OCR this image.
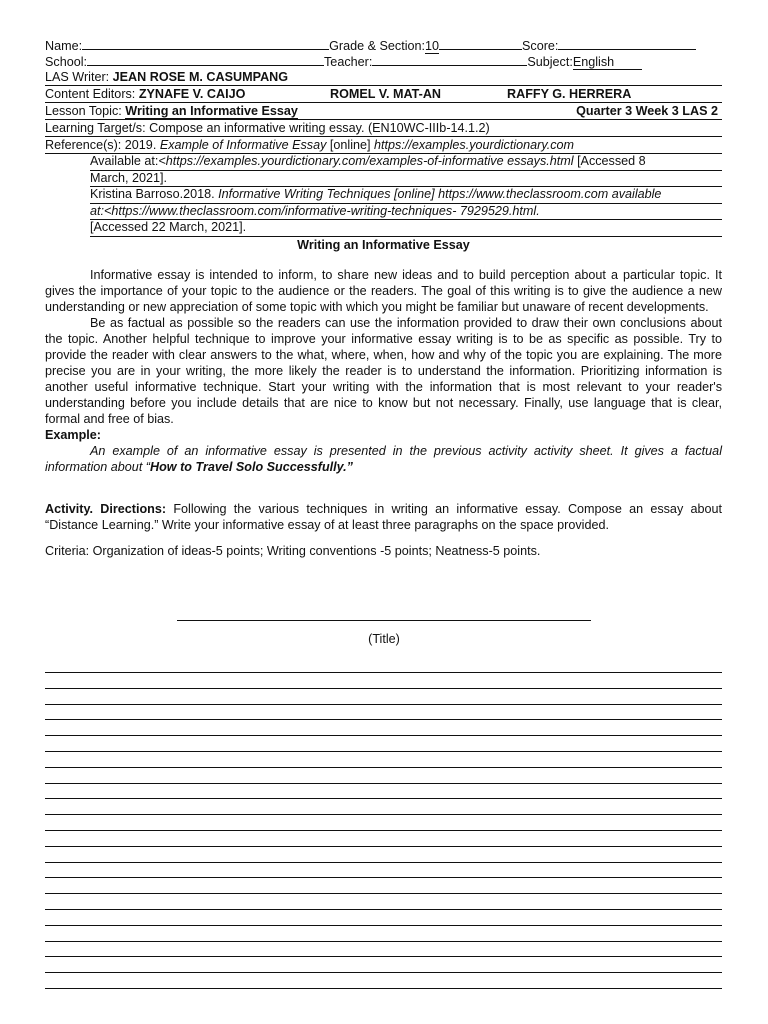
Name:	Grade & Section:10	Score:
School:	Teacher:	Subject:English
LAS Writer: JEAN ROSE M. CASUMPANG
Content Editors: ZYNAFE V. CAIJO	ROMEL V. MAT-AN	RAFFY G. HERRERA
Lesson Topic: Writing an Informative Essay	Quarter 3 Week 3 LAS 2
Learning Target/s: Compose an informative writing essay. (EN10WC-IIIb-14.1.2)
Reference(s): 2019. Example of Informative Essay [online] https://examples.yourdictionary.com
Available at:<https://examples.yourdictionary.com/examples-of-informative essays.html [Accessed 8
March, 2021].
Kristina Barroso.2018. Informative Writing Techniques [online] https://www.theclassroom.com available
at:<https://www.theclassroom.com/informative-writing-techniques- 7929529.html.
[Accessed 22 March, 2021].
Writing an Informative Essay
Informative essay is intended to inform, to share new ideas and to build perception about a particular topic. It gives the importance of your topic to the audience or the readers. The goal of this writing is to give the audience a new understanding or new appreciation of some topic with which you might be familiar but unaware of recent developments.
Be as factual as possible so the readers can use the information provided to draw their own conclusions about the topic. Another helpful technique to improve your informative essay writing is to be as specific as possible. Try to provide the reader with clear answers to the what, where, when, how and why of the topic you are explaining. The more precise you are in your writing, the more likely the reader is to understand the information. Prioritizing information is another useful informative technique. Start your writing with the information that is most relevant to your reader's understanding before you include details that are nice to know but not necessary. Finally, use language that is clear, formal and free of bias.
Example:
An example of an informative essay is presented in the previous activity activity sheet. It gives a factual information about “How to Travel Solo Successfully.”
Activity. Directions: Following the various techniques in writing an informative essay. Compose an essay about “Distance Learning.” Write your informative essay of at least three paragraphs on the space provided.
Criteria: Organization of ideas-5 points; Writing conventions -5 points; Neatness-5 points.
(Title)
